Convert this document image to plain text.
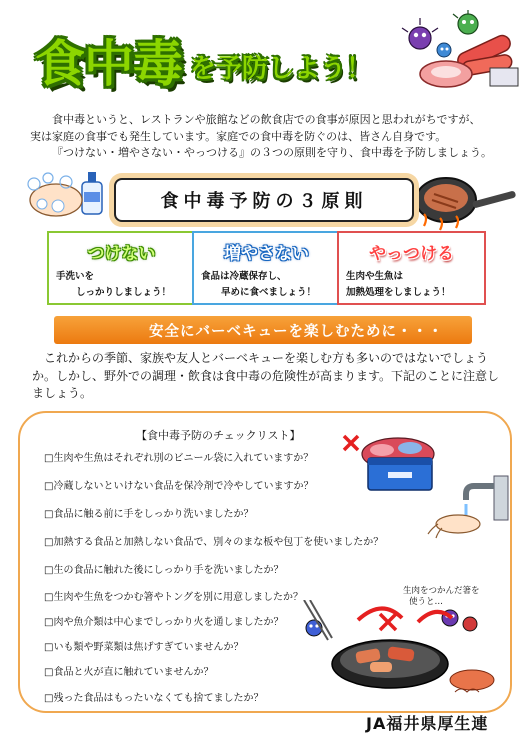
食中毒 を予防しよう！

食中毒というと、レストランや旅館などの飲食店での食事が原因と思われがちですが、

実は家庭の食事でも発生しています。家庭での食中毒を防ぐのは、皆さん自身です。

『つけない・増やさない・やっつける』の３つの原則を守り、食中毒を予防しましょう。

食中毒予防の３原則
つけない
手洗いを
しっかりしましょう！
増やさない
食品は冷蔵保存し、
早めに食べましょう！
やっつける
生肉や生魚は
加熱処理をしましょう！
安全にバーベキューを楽しむために・・・

これからの季節、家族や友人とバーベキューを楽しむ方も多いのではないでしょうか。しかし、野外での調理・飲食は食中毒の危険性が高まります。下記のことに注意しましょう。

【食中毒予防のチェックリスト】
□生肉や生魚はそれぞれ別のビニール袋に入れていますか？
□冷蔵しないといけない食品を保冷剤で冷やしていますか？
□食品に触る前に手をしっかり洗いましたか？
□加熱する食品と加熱しない食品で、別々のまな板や包丁を使いましたか？
□生の食品に触れた後にしっかり手を洗いましたか？
□生肉や生魚をつかむ箸やトングを別に用意しましたか？
□肉や魚介類は中心までしっかり火を通しましたか？
□いも類や野菜類は焦げすぎていませんか？
□食品と火が直に触れていませんか？
□残った食品はもったいなくても捨てましたか？
生肉をつかんだ箸を
使うと…
JA福井県厚生連
